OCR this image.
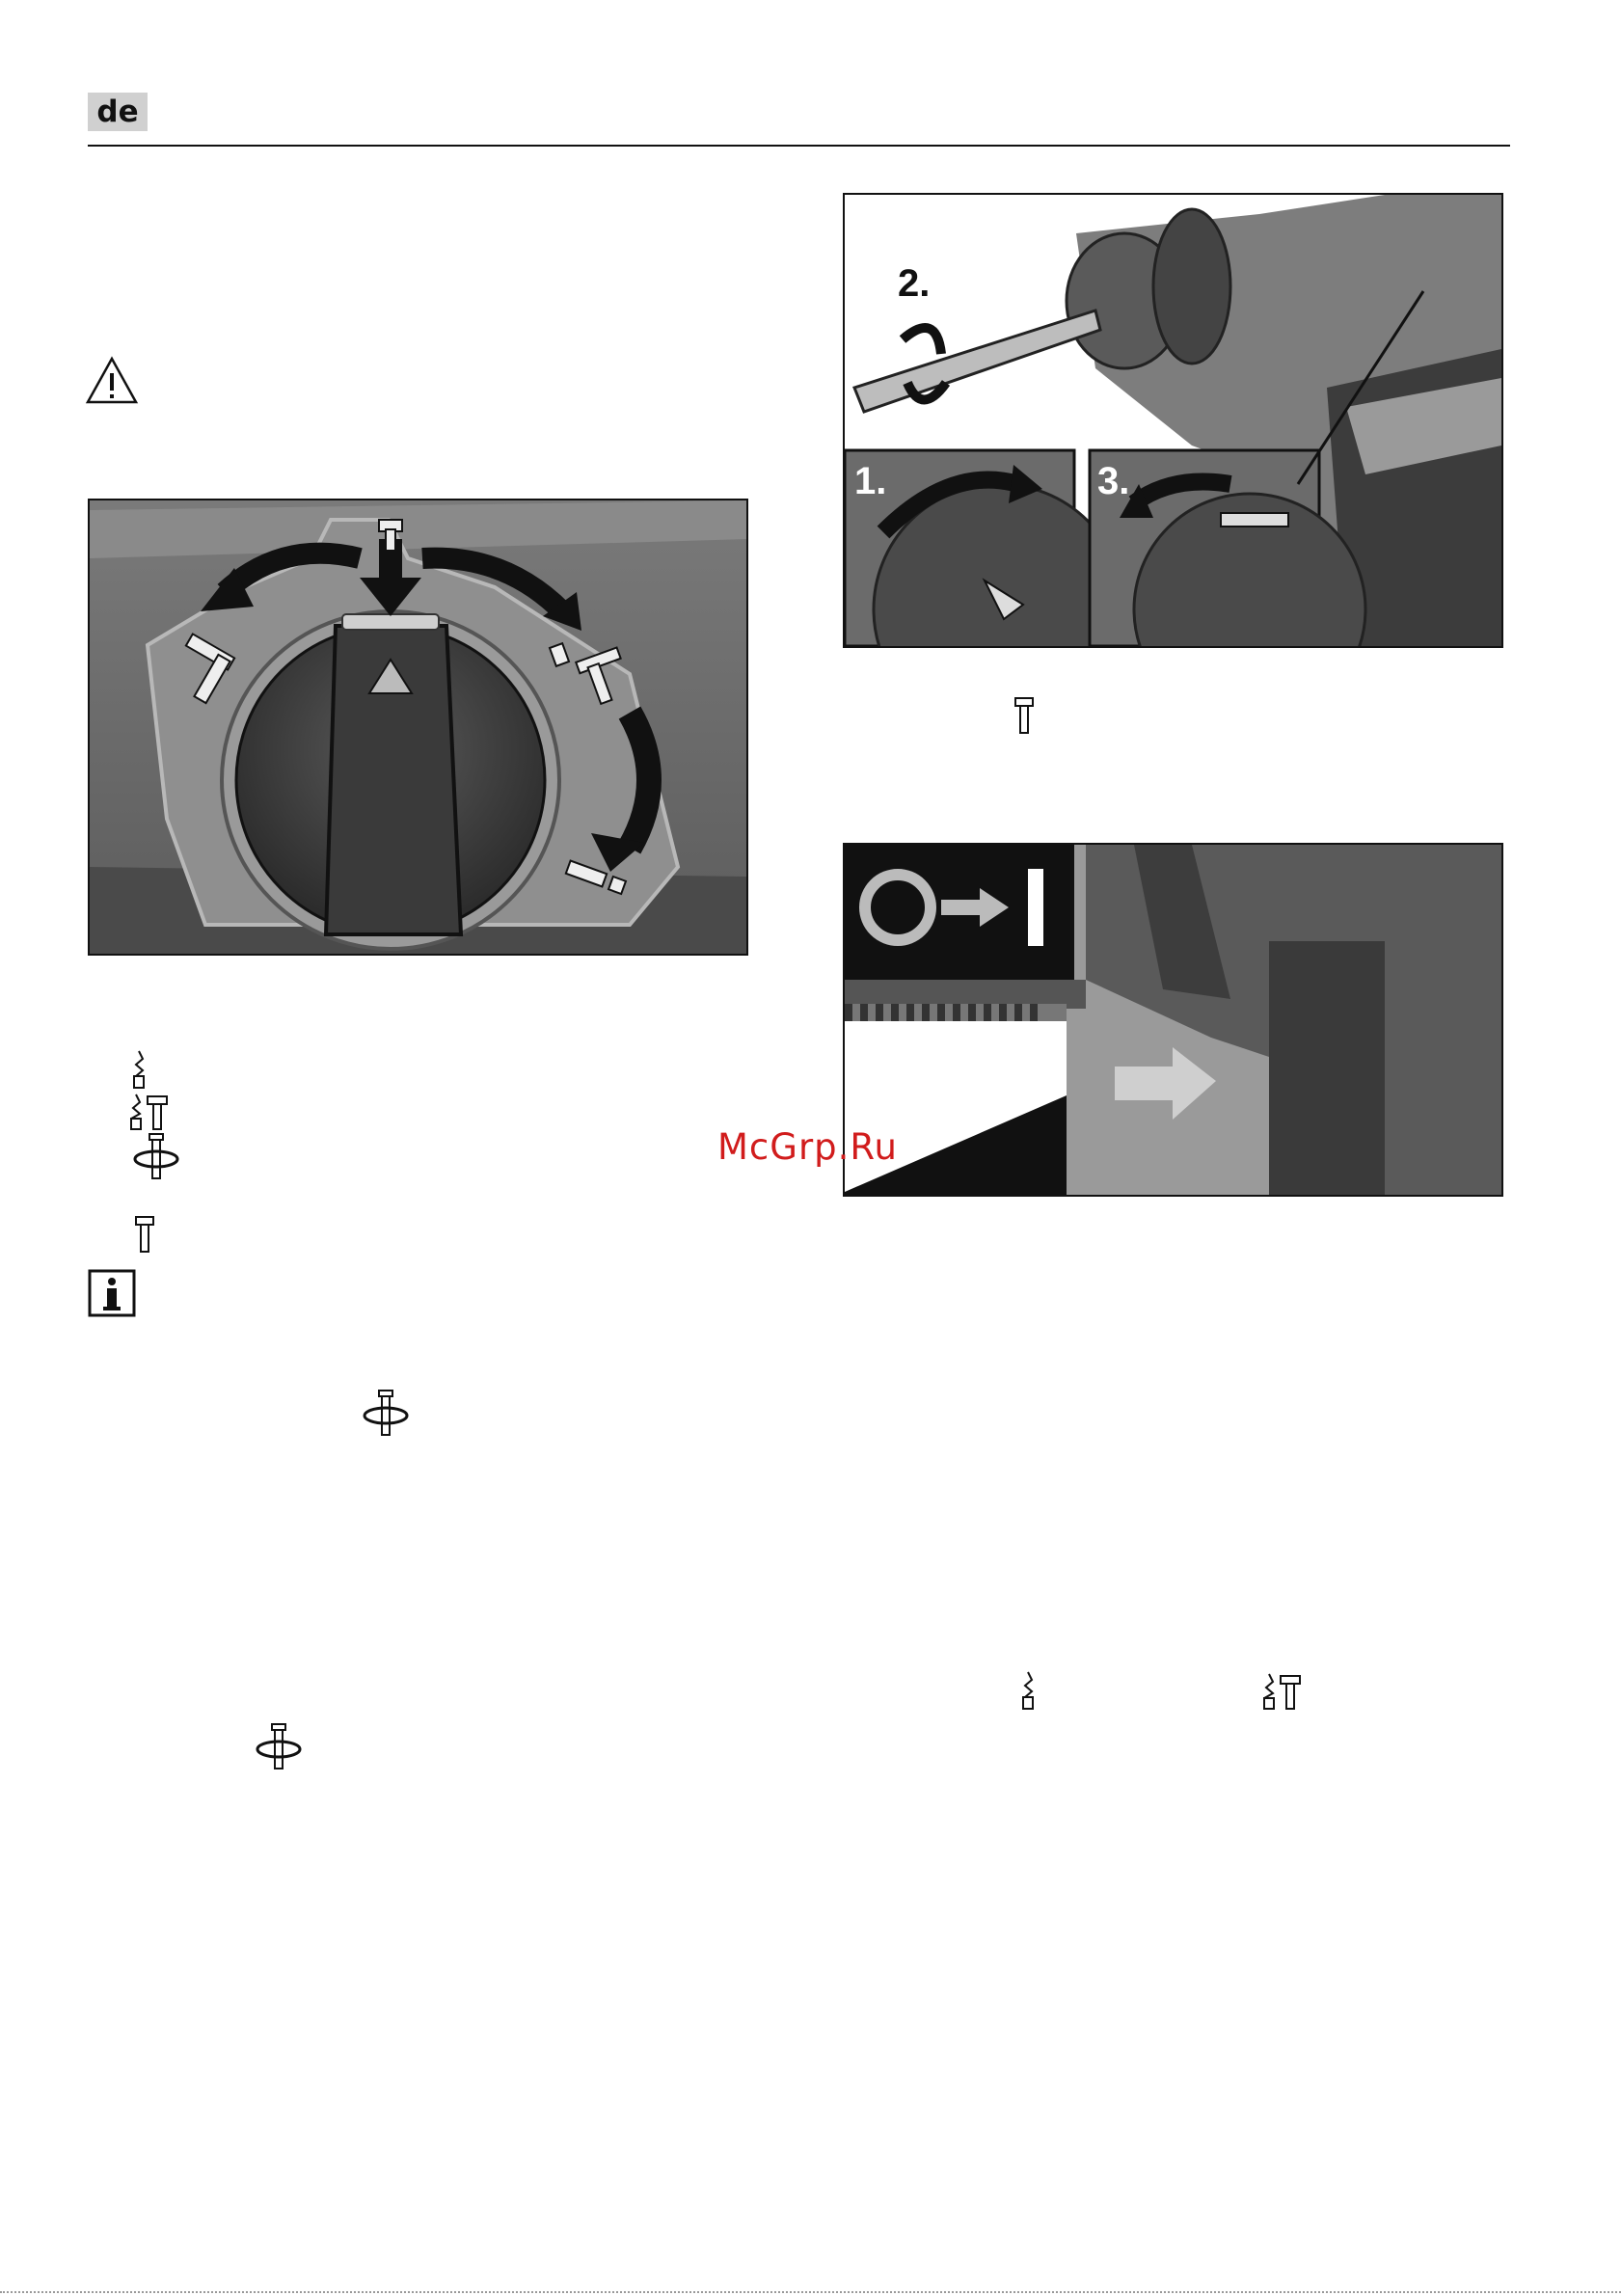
de
2.
1.	3.
McGrp.Ru
